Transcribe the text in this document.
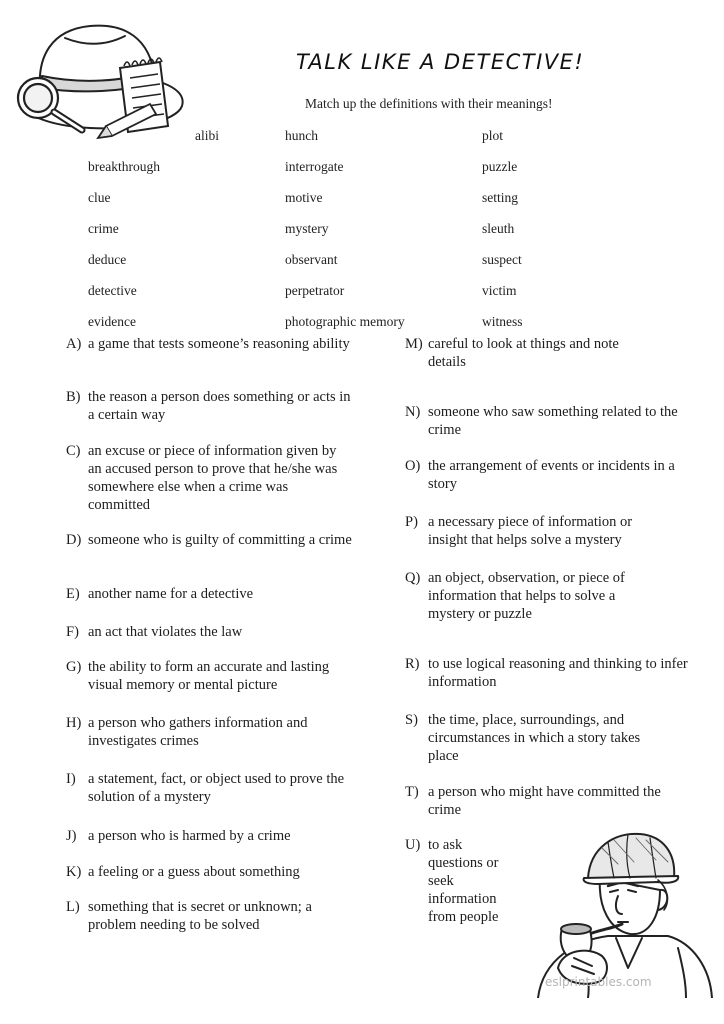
TALK LIKE A DETECTIVE!
Match up the definitions with their meanings!
alibi
breakthrough
clue
crime
deduce
detective
evidence
hunch
interrogate
motive
mystery
observant
perpetrator
photographic memory
plot
puzzle
setting
sleuth
suspect
victim
witness
A) a game that tests someone’s reasoning ability
B) the reason a person does something or acts in a certain way
C) an excuse or piece of information given by an accused person to prove that he/she was somewhere else when a crime was committed
D) someone who is guilty of committing a crime
E) another name for a detective
F) an act that violates the law
G) the ability to form an accurate and lasting visual memory or mental picture
H) a person who gathers information and investigates crimes
I) a statement, fact, or object used to prove the solution of a mystery
J) a person who is harmed by a crime
K) a feeling or a guess about something
L) something that is secret or unknown; a problem needing to be solved
M) careful to look at things and note details
N) someone who saw something related to the crime
O) the arrangement of events or incidents in a story
P) a necessary piece of information or insight that helps solve a mystery
Q) an object, observation, or piece of information that helps to solve a mystery or puzzle
R) to use logical reasoning and thinking to infer information
S) the time, place, surroundings, and circumstances in which a story takes place
T) a person who might have committed the crime
U) to ask questions or seek information from people
eslprintables.com
